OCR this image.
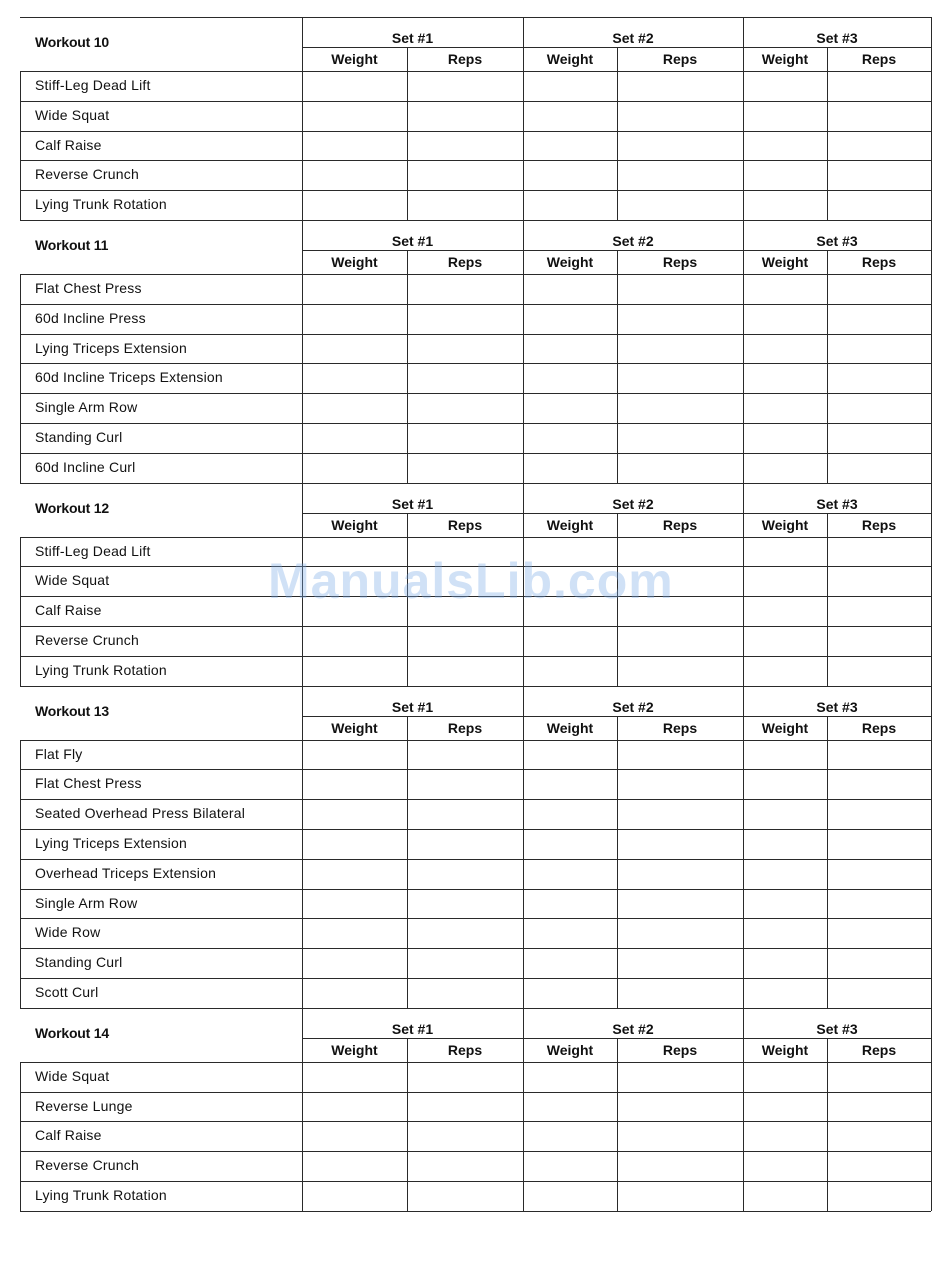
Workout 10	Set #1	Set #2	Set #3
Weight	Reps	Weight	Reps	Weight	Reps
Stiff-Leg Dead Lift
Wide Squat
Calf Raise
Reverse Crunch
Lying Trunk Rotation
Workout 11	Set #1	Set #2	Set #3
Weight	Reps	Weight	Reps	Weight	Reps
Flat Chest Press
60d Incline Press
Lying Triceps Extension
60d Incline Triceps Extension
Single Arm Row
Standing Curl
60d Incline Curl
Workout 12	Set #1	Set #2	Set #3
Weight	Reps	Weight	Reps	Weight	Reps
Stiff-Leg Dead Lift
Wide Squat
Calf Raise
Reverse Crunch
Lying Trunk Rotation
Workout 13	Set #1	Set #2	Set #3
Weight	Reps	Weight	Reps	Weight	Reps
Flat Fly
Flat Chest Press
Seated Overhead Press Bilateral
Lying Triceps Extension
Overhead Triceps Extension
Single Arm Row
Wide Row
Standing Curl
Scott Curl
Workout 14	Set #1	Set #2	Set #3
Weight	Reps	Weight	Reps	Weight	Reps
Wide Squat
Reverse Lunge
Calf Raise
Reverse Crunch
Lying Trunk Rotation
ManualsLib.com
